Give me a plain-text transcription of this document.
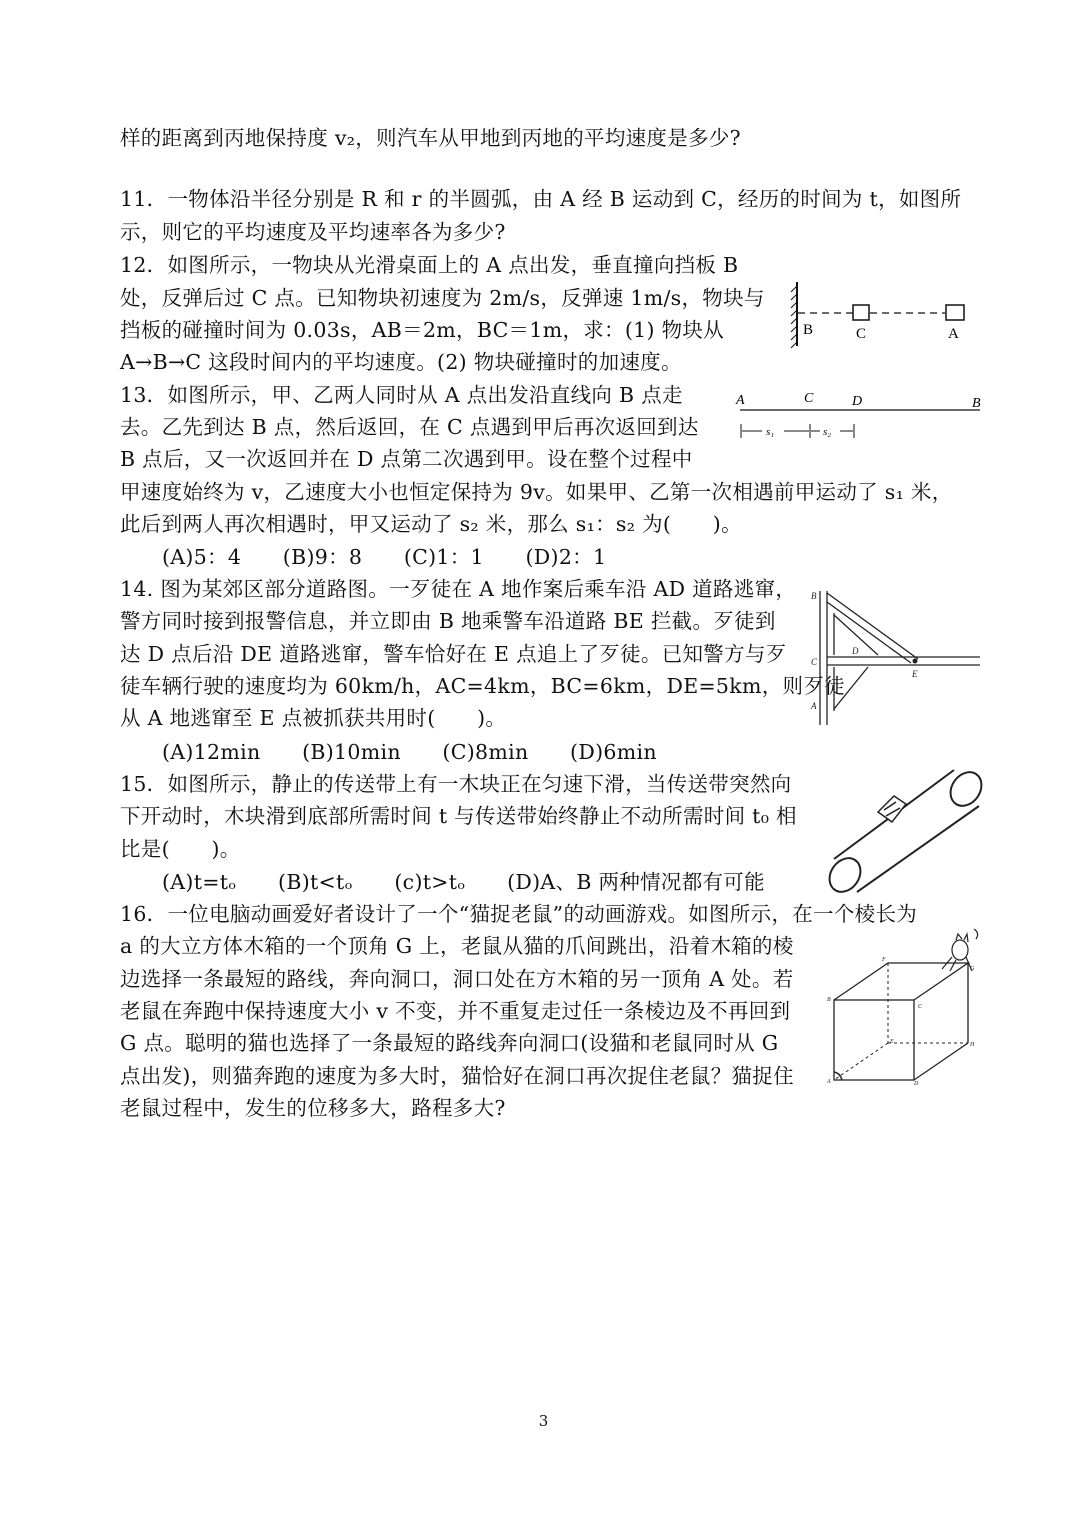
样的距离到丙地保持度 v₂，则汽车从甲地到丙地的平均速度是多少?
11．一物体沿半径分别是 R 和 r 的半圆弧，由 A 经 B 运动到 C，经历的时间为 t，如图所
示，则它的平均速度及平均速率各为多少?
12．如图所示，一物块从光滑桌面上的 A 点出发，垂直撞向挡板 B
处，反弹后过 C 点。已知物块初速度为 2m/s，反弹速 1m/s，物块与
挡板的碰撞时间为 0.03s，AB＝2m，BC＝1m，求：(1) 物块从
A→B→C 这段时间内的平均速度。(2) 物块碰撞时的加速度。
13．如图所示，甲、乙两人同时从 A 点出发沿直线向 B 点走
去。乙先到达 B 点，然后返回，在 C 点遇到甲后再次返回到达
B 点后，又一次返回并在 D 点第二次遇到甲。设在整个过程中
甲速度始终为 v，乙速度大小也恒定保持为 9v。如果甲、乙第一次相遇前甲运动了 s₁ 米，
此后到两人再次相遇时，甲又运动了 s₂ 米，那么 s₁：s₂ 为(　　)。
(A)5：4　　(B)9：8　　(C)1：1　　(D)2：1
14. 图为某郊区部分道路图。一歹徒在 A 地作案后乘车沿 AD 道路逃窜，
警方同时接到报警信息，并立即由 B 地乘警车沿道路 BE 拦截。歹徒到
达 D 点后沿 DE 道路逃窜，警车恰好在 E 点追上了歹徒。已知警方与歹
徒车辆行驶的速度均为 60km/h，AC=4km，BC=6km，DE=5km，则歹徒
从 A 地逃窜至 E 点被抓获共用时(　　)。
(A)12min　　(B)10min　　(C)8min　　(D)6min
15．如图所示，静止的传送带上有一木块正在匀速下滑，当传送带突然向
下开动时，木块滑到底部所需时间 t 与传送带始终静止不动所需时间 t₀ 相
比是(　　)。
(A)t=tₒ　　(B)t<tₒ　　(c)t>tₒ　　(D)A、B 两种情况都有可能
16．一位电脑动画爱好者设计了一个“猫捉老鼠”的动画游戏。如图所示，在一个棱长为
a 的大立方体木箱的一个顶角 G 上，老鼠从猫的爪间跳出，沿着木箱的棱
边选择一条最短的路线，奔向洞口，洞口处在方木箱的另一顶角 A 处。若
老鼠在奔跑中保持速度大小 v 不变，并不重复走过任一条棱边及不再回到
G 点。聪明的猫也选择了一条最短的路线奔向洞口(设猫和老鼠同时从 G
点出发)，则猫奔跑的速度为多大时，猫恰好在洞口再次捉住老鼠？猫捉住
老鼠过程中，发生的位移多大，路程多大?
B	C	A
A	C	D	B
s₁	s₂
B
C
A
D
E
F
G
B
C
E	H
A	D
3
